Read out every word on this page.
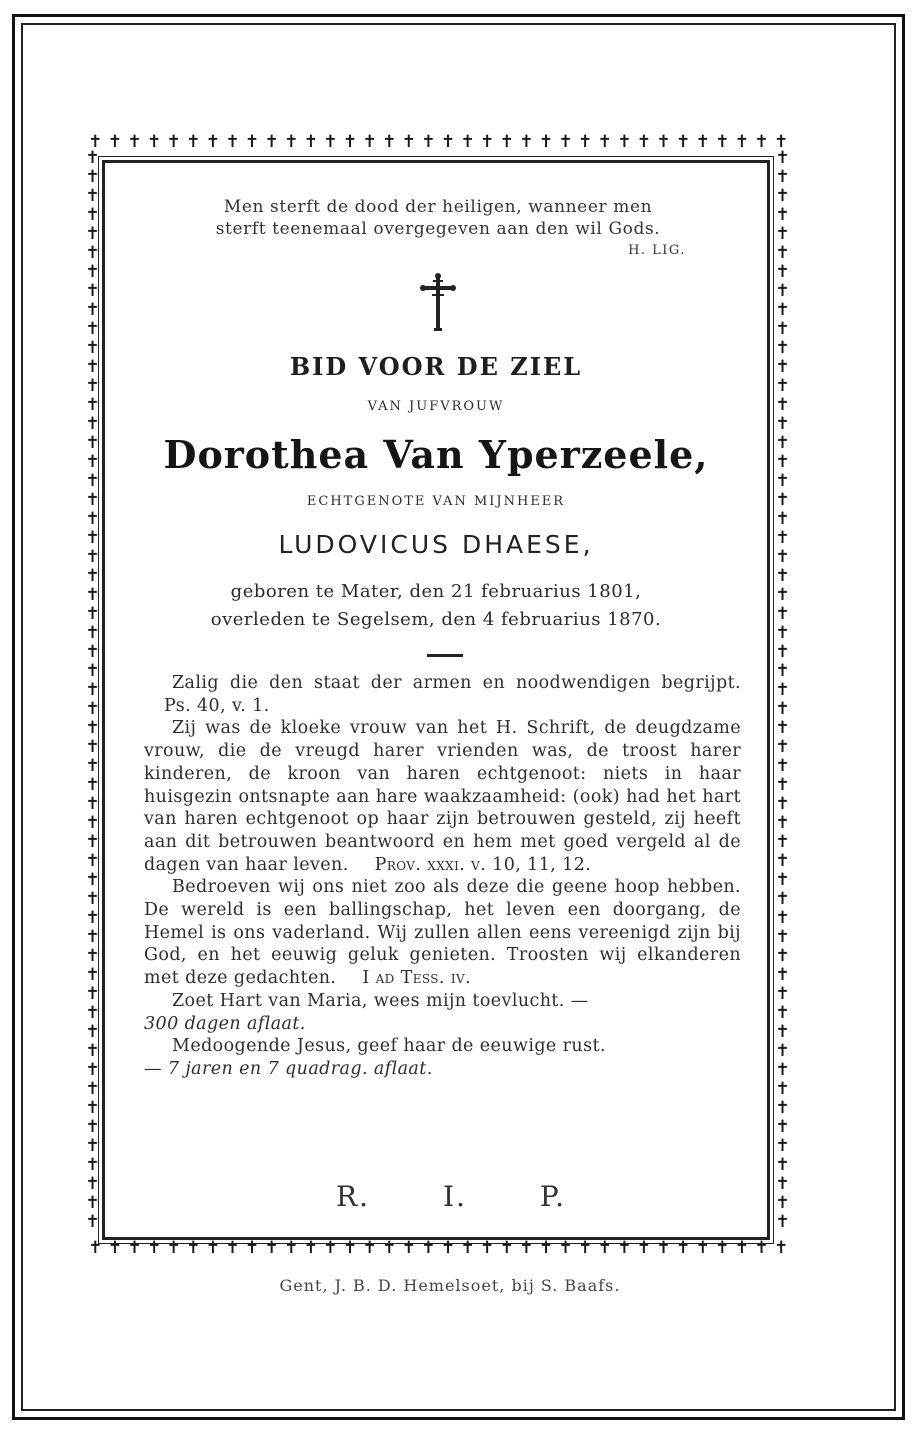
✝ ✝ ✝ ✝ ✝ ✝ ✝ ✝ ✝ ✝ ✝ ✝ ✝ ✝ ✝ ✝ ✝ ✝ ✝ ✝ ✝ ✝ ✝ ✝ ✝ ✝ ✝ ✝ ✝ ✝ ✝ ✝ ✝ ✝ ✝ ✝
✝ ✝ ✝ ✝ ✝ ✝ ✝ ✝ ✝ ✝ ✝ ✝ ✝ ✝ ✝ ✝ ✝ ✝ ✝ ✝ ✝ ✝ ✝ ✝ ✝ ✝ ✝ ✝ ✝ ✝ ✝ ✝ ✝ ✝ ✝ ✝
✝
✝
✝
✝
✝
✝
✝
✝
✝
✝
✝
✝
✝
✝
✝
✝
✝
✝
✝
✝
✝
✝
✝
✝
✝
✝
✝
✝
✝
✝
✝
✝
✝
✝
✝
✝
✝
✝
✝
✝
✝
✝
✝
✝
✝
✝
✝
✝
✝
✝
✝
✝
✝
✝
✝
✝
✝
✝
✝
✝
✝
✝
✝
✝
✝
✝
✝
✝
✝
✝
✝
✝
✝
✝
✝
✝
✝
✝
✝
✝
✝
✝
✝
✝
✝
✝
✝
✝
✝
✝
✝
✝
✝
✝
✝
✝
✝
✝
✝
✝
✝
✝
✝
✝
✝
✝
✝
✝
✝
✝
✝
✝
✝
✝
Men sterft de dood der heiligen, wanneer men
sterft teenemaal overgegeven aan den wil Gods.
H. LIG.
BID VOOR DE ZIEL
VAN JUFVROUW
Dorothea Van Yperzeele,
ECHTGENOTE VAN MIJNHEER
LUDOVICUS DHAESE,
geboren te Mater, den 21 februarius 1801,
overleden te Segelsem, den 4 februarius 1870.

Zalig die den staat der armen en noodwendigen begrijpt. Ps. 40, v. 1.

Zij was de kloeke vrouw van het H. Schrift, de deugdzame vrouw, die de vreugd harer vrienden was, de troost harer kinderen, de kroon van haren echtgenoot: niets in haar huisgezin ontsnapte aan hare waakzaamheid: (ook) had het hart van haren echtgenoot op haar zijn betrouwen gesteld, zij heeft aan dit betrouwen beantwoord en hem met goed vergeld al de dagen van haar leven. Prov. xxxi. v. 10, 11, 12.

Bedroeven wij ons niet zoo als deze die geene hoop hebben. De wereld is een ballingschap, het leven een doorgang, de Hemel is ons vaderland. Wij zullen allen eens vereenigd zijn bij God, en het eeuwig geluk genieten. Troosten wij elkanderen met deze gedachten. I ad Tess. iv.

Zoet Hart van Maria, wees mijn toevlucht. —

300 dagen aflaat.

Medoogende Jesus, geef haar de eeuwige rust.

— 7 jaren en 7 quadrag. aflaat.

R.	I.	P.
Gent, J. B. D. Hemelsoet, bij S. Baafs.
